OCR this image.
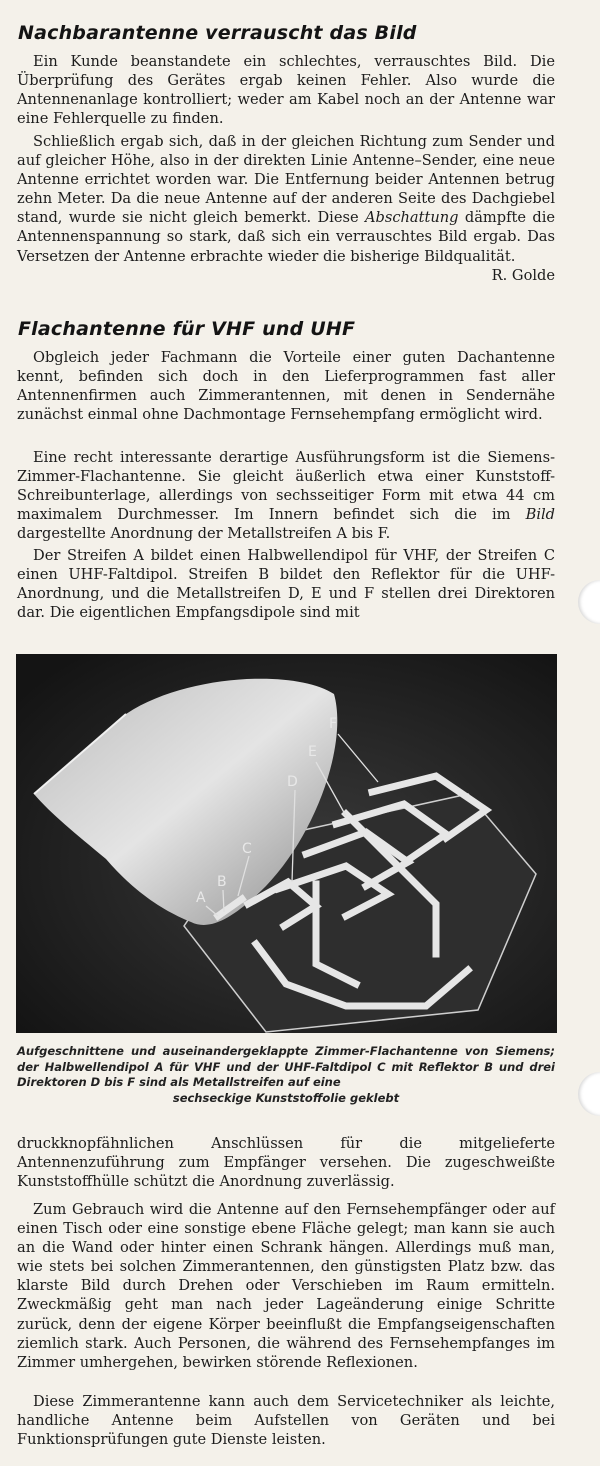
Nachbarantenne verrauscht das Bild

Ein Kunde beanstandete ein schlechtes, verrauschtes Bild. Die Überprüfung des Gerätes ergab keinen Fehler. Also wurde die Antennenanlage kontrolliert; weder am Kabel noch an der Antenne war eine Fehlerquelle zu finden.

Schließlich ergab sich, daß in der gleichen Richtung zum Sender und auf gleicher Höhe, also in der direkten Linie Antenne–Sender, eine neue Antenne errichtet worden war. Die Entfernung beider Antennen betrug zehn Meter. Da die neue Antenne auf der anderen Seite des Dachgiebel stand, wurde sie nicht gleich bemerkt. Diese Abschattung dämpfte die Antennenspannung so stark, daß sich ein verrauschtes Bild ergab. Das Versetzen der Antenne erbrachte wieder die bisherige Bildqualität.
R. Golde

Flachantenne für VHF und UHF

Obgleich jeder Fachmann die Vorteile einer guten Dachantenne kennt, befinden sich doch in den Lieferprogrammen fast aller Antennenfirmen auch Zimmerantennen, mit denen in Sendernähe zunächst einmal ohne Dachmontage Fernsehempfang ermöglicht wird.

Eine recht interessante derartige Ausführungsform ist die Siemens-Zimmer-Flachantenne. Sie gleicht äußerlich etwa einer Kunststoff-Schreibunterlage, allerdings von sechsseitiger Form mit etwa 44 cm maximalem Durchmesser. Im Innern befindet sich die im Bild dargestellte Anordnung der Metallstreifen A bis F.

Der Streifen A bildet einen Halbwellendipol für VHF, der Streifen C einen UHF-Faltdipol. Streifen B bildet den Reflektor für die UHF-Anordnung, und die Metallstreifen D, E und F stellen drei Direktoren dar. Die eigentlichen Empfangsdipole sind mit

A
B
C
D
E
F

Aufgeschnittene und auseinandergeklappte Zimmer-Flachantenne von Siemens; der Halbwellendipol A für VHF und der UHF-Faltdipol C mit Reflektor B und drei Direktoren D bis F sind als Metallstreifen auf eine
sechseckige Kunststoffolie geklebt

druckknopfähnlichen Anschlüssen für die mitgelieferte Antennenzuführung zum Empfänger versehen. Die zugeschweißte Kunststoffhülle schützt die Anordnung zuverlässig.

Zum Gebrauch wird die Antenne auf den Fernsehempfänger oder auf einen Tisch oder eine sonstige ebene Fläche gelegt; man kann sie auch an die Wand oder hinter einen Schrank hängen. Allerdings muß man, wie stets bei solchen Zimmerantennen, den günstigsten Platz bzw. das klarste Bild durch Drehen oder Verschieben im Raum ermitteln. Zweckmäßig geht man nach jeder Lageänderung einige Schritte zurück, denn der eigene Körper beeinflußt die Empfangseigenschaften ziemlich stark. Auch Personen, die während des Fernsehempfanges im Zimmer umhergehen, bewirken störende Reflexionen.

Diese Zimmerantenne kann auch dem Servicetechniker als leichte, handliche Antenne beim Aufstellen von Geräten und bei Funktionsprüfungen gute Dienste leisten.
